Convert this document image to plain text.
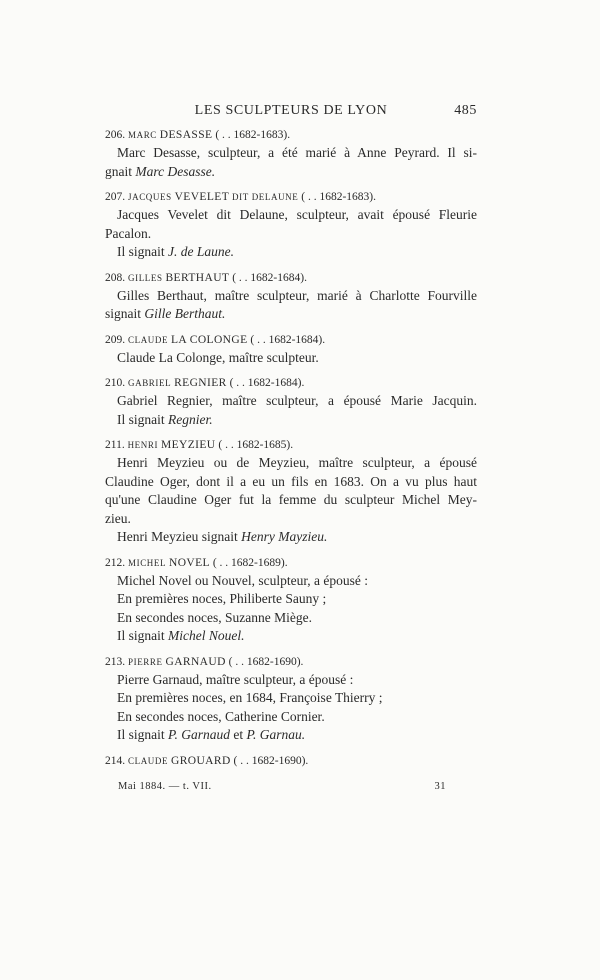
LES SCULPTEURS DE LYON	485
206. MARC DESASSE ( . . 1682-1683).
Marc Desasse, sculpteur, a été marié à Anne Peyrard. Il si-
gnait Marc Desasse.
207. JACQUES VEVELET DIT DELAUNE ( . . 1682-1683).
Jacques Vevelet dit Delaune, sculpteur, avait épousé Fleurie
Pacalon.
Il signait J. de Laune.
208. GILLES BERTHAUT ( . . 1682-1684).
Gilles Berthaut, maître sculpteur, marié à Charlotte Fourville
signait Gille Berthaut.
209. CLAUDE LA COLONGE ( . . 1682-1684).
Claude La Colonge, maître sculpteur.
210. GABRIEL REGNIER ( . . 1682-1684).
Gabriel Regnier, maître sculpteur, a épousé Marie Jacquin.
Il signait Regnier.
211. HENRI MEYZIEU ( . . 1682-1685).
Henri Meyzieu ou de Meyzieu, maître sculpteur, a épousé
Claudine Oger, dont il a eu un fils en 1683. On a vu plus haut
qu'une Claudine Oger fut la femme du sculpteur Michel Mey-
zieu.
Henri Meyzieu signait Henry Mayzieu.
212. MICHEL NOVEL ( . . 1682-1689).
Michel Novel ou Nouvel, sculpteur, a épousé :
En premières noces, Philiberte Sauny ;
En secondes noces, Suzanne Miège.
Il signait Michel Nouel.
213. PIERRE GARNAUD ( . . 1682-1690).
Pierre Garnaud, maître sculpteur, a épousé :
En premières noces, en 1684, Françoise Thierry ;
En secondes noces, Catherine Cornier.
Il signait P. Garnaud et P. Garnau.
214. CLAUDE GROUARD ( . . 1682-1690).
Mai 1884. — t. VII.	31
